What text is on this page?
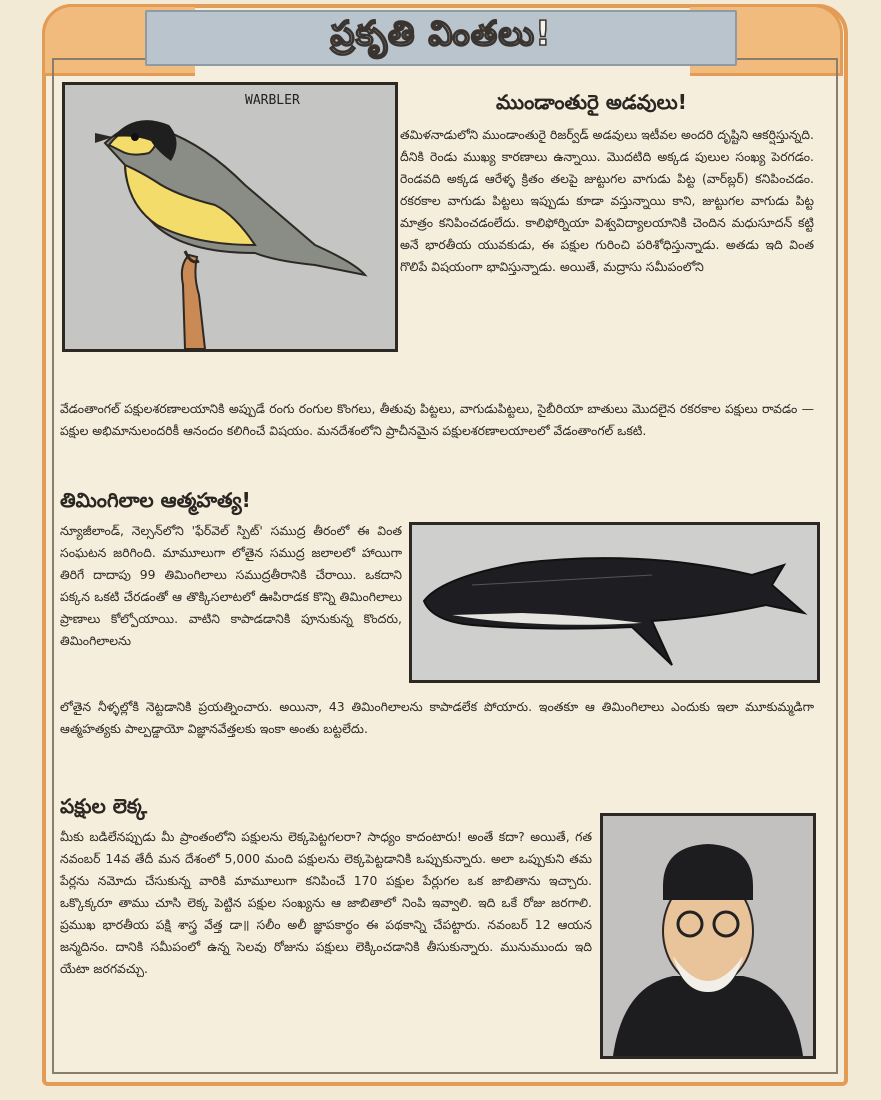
ప్రకృతి వింతలు!
WARBLER	ముండాంతురై అడవులు!

తమిళనాడులోని ముండాంతురై రిజర్వ్‌డ్ అడవులు ఇటీవల అందరి దృష్టిని ఆకర్షిస్తున్నది. దీనికి రెండు ముఖ్య కారణాలు ఉన్నాయి. మొదటిది అక్కడ పులుల సంఖ్య పెరగడం. రెండవది అక్కడ ఆరేళ్ళ క్రితం తలపై జుట్టుగల వాగుడు పిట్ట (వార్‌బ్లర్) కనిపించడం. రకరకాల వాగుడు పిట్టలు ఇప్పుడు కూడా వస్తున్నాయి కాని, జుట్టుగల వాగుడు పిట్ట మాత్రం కనిపించడంలేదు. కాలిఫోర్నియా విశ్వవిద్యాలయానికి చెందిన మధుసూదన్ కట్టి అనే భారతీయ యువకుడు, ఈ పక్షుల గురించి పరిశోధిస్తున్నాడు. అతడు ఇది వింత గొలిపే విషయంగా భావిస్తున్నాడు. అయితే, మద్రాసు సమీపంలోని

వేడంతాంగల్ పక్షులశరణాలయానికి అప్పుడే రంగు రంగుల కొంగలు, తీతువు పిట్టలు, వాగుడుపిట్టలు, సైబీరియా బాతులు మొదలైన రకరకాల పక్షులు రావడం — పక్షుల అభిమానులందరికీ ఆనందం కలిగించే విషయం. మనదేశంలోని ప్రాచీనమైన పక్షులశరణాలయాలలో వేడంతాంగల్ ఒకటి.

తిమింగిలాల ఆత్మహత్య!

న్యూజీలాండ్, నెల్సన్‌లోని 'ఫేర్‌వెల్ స్పిట్' సముద్ర తీరంలో ఈ వింత సంఘటన జరిగింది. మామూలుగా లోతైన సముద్ర జలాలలో హాయిగా తిరిగే దాదాపు 99 తిమింగిలాలు సముద్రతీరానికి చేరాయి. ఒకదాని పక్కన ఒకటి చేరడంతో ఆ తొక్కిసలాటలో ఊపిరాడక కొన్ని తిమింగిలాలు ప్రాణాలు కోల్పోయాయి. వాటిని కాపాడడానికి పూనుకున్న కొందరు, తిమింగిలాలను

లోతైన నీళ్ళల్లోకి నెట్టడానికి ప్రయత్నించారు. అయినా, 43 తిమింగిలాలను కాపాడలేక పోయారు. ఇంతకూ ఆ తిమింగిలాలు ఎందుకు ఇలా మూకుమ్మడిగా ఆత్మహత్యకు పాల్పడ్డాయో విజ్ఞానవేత్తలకు ఇంకా అంతు బట్టలేదు.

పక్షుల లెక్క

మీకు బడిలేనప్పుడు మీ ప్రాంతంలోని పక్షులను లెక్కపెట్టగలరా? సాధ్యం కాదంటారు! అంతే కదా? అయితే, గత నవంబర్ 14వ తేదీ మన దేశంలో 5,000 మంది పక్షులను లెక్కపెట్టడానికి ఒప్పుకున్నారు. అలా ఒప్పుకుని తమ పేర్లను నమోదు చేసుకున్న వారికి మామూలుగా కనిపించే 170 పక్షుల పేర్లుగల ఒక జాబితాను ఇచ్చారు. ఒక్కొక్కరూ తాము చూసి లెక్క పెట్టిన పక్షుల సంఖ్యను ఆ జాబితాలో నింపి ఇవ్వాలి. ఇది ఒకే రోజు జరగాలి. ప్రముఖ భారతీయ పక్షి శాస్త్ర వేత్త డా॥ సలీం అలీ జ్ఞాపకార్థం ఈ పథకాన్ని చేపట్టారు. నవంబర్ 12 ఆయన జన్మదినం. దానికి సమీపంలో ఉన్న సెలవు రోజును పక్షులు లెక్కించడానికి తీసుకున్నారు. మునుముందు ఇది యేటా జరగవచ్చు.
